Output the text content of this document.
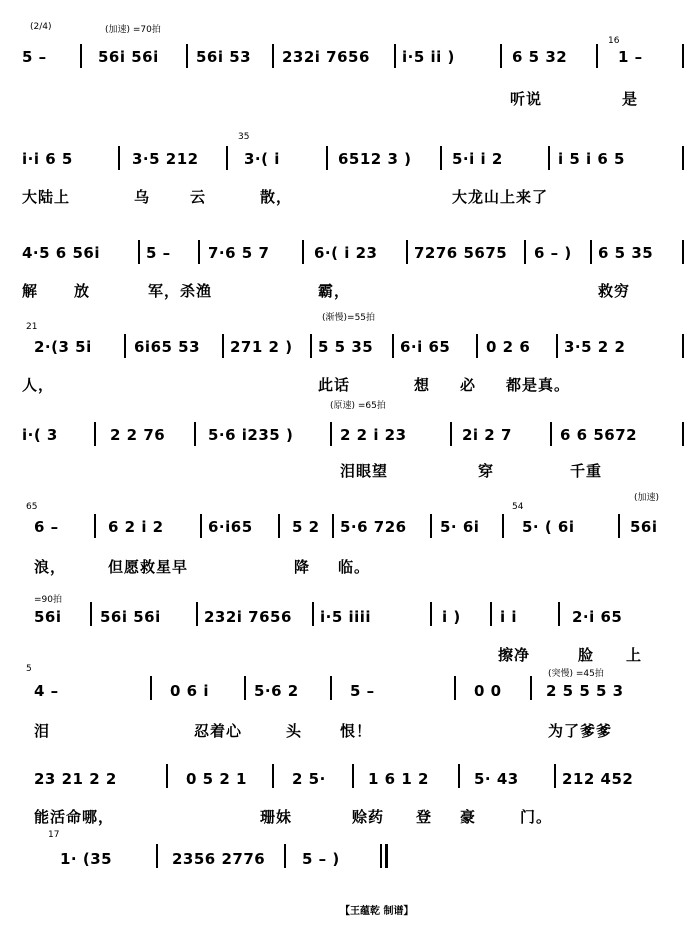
(2/4)	(加速) =70拍
5 –	56i 56i 56i 53 232i 7656 i·5 ii )	6 5 32
16
1 –
听说	是
i·i 6 5	3·5 212
35
3·( i	6512 3 )	5·i i 2	i 5 i 6 5
大陆上	乌	云	散，	大龙山上来了
4·5 6 56i	5 – 7·6 5 7	6·( i 23 7276 5675 6 – ) 6 5 35
解 放	军，杀渔	霸，	救穷
(渐慢)=55拍
21
2·(3 5i	6i65 53 271 2 ) 5 5 35 6·i 65 0 2 6 3·5 2 2
人，	此话	想 必 都是真。
(原速) =65拍
i·( 3	2 2 76	5·6 i235 )	2 2 i 23	2i 2 7	6 6 5672
泪眼望	穿	千重
(加速)
65
6 –	6 2 i 2	6·i65	5 2 5·6 726 5· 6i
54
5· ( 6i	56i
浪，	但愿救星早	降 临。
=90拍
56i	56i 56i	232i 7656 i·5 iiii	i )	i i	2·i 65
擦净	脸 上
(突慢) =45拍
5
4 –	0 6 i	5·6 2	5 –	0 0	2 5 5 5 3
泪	忍着心	头	恨！	为了爹爹
23 21 2 2	0 5 2 1	2 5·	1 6 1 2	5· 43	212 452
能活命哪，	珊妹	赊药 登 豪	门。
17
1· (35	2356 2776 5 – )
【王蕴乾 制谱】
